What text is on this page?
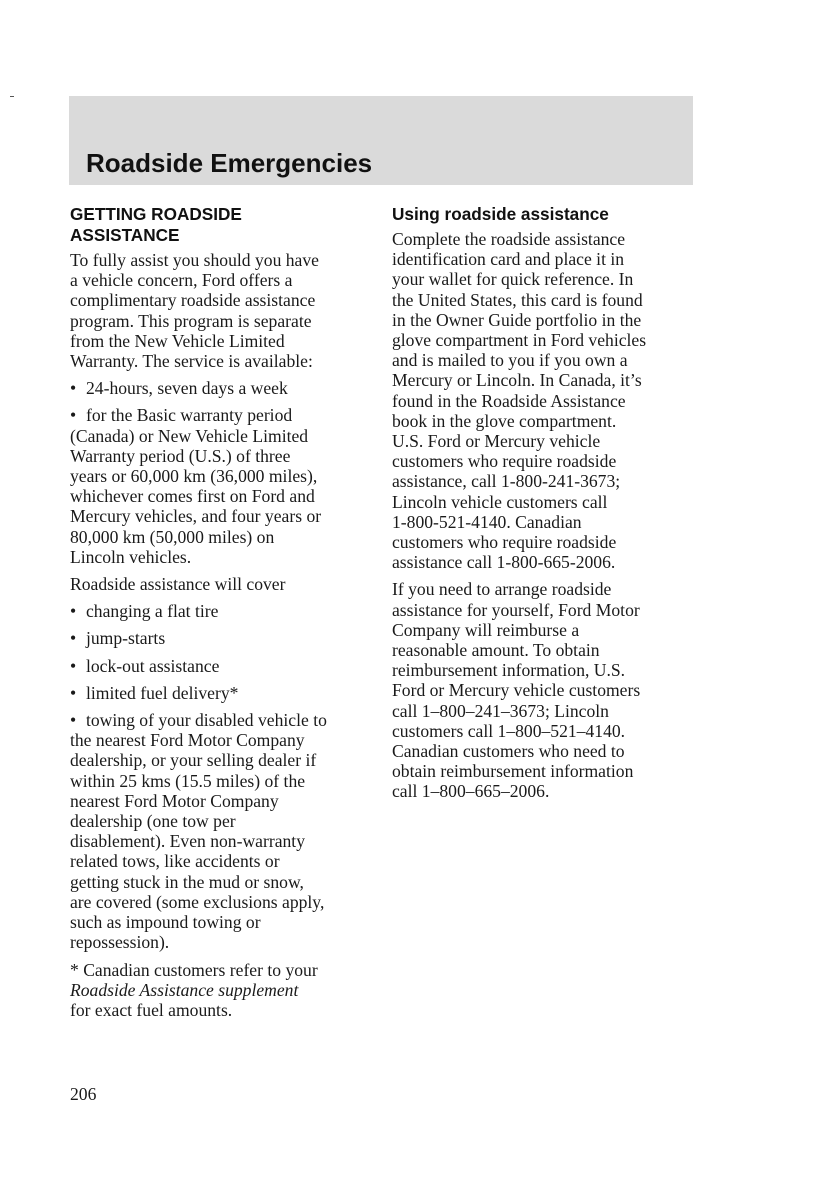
Roadside Emergencies
GETTING ROADSIDE
ASSISTANCE
To fully assist you should you have
a vehicle concern, Ford offers a
complimentary roadside assistance
program. This program is separate
from the New Vehicle Limited
Warranty. The service is available:
• 24-hours, seven days a week
• for the Basic warranty period
(Canada) or New Vehicle Limited
Warranty period (U.S.) of three
years or 60,000 km (36,000 miles),
whichever comes first on Ford and
Mercury vehicles, and four years or
80,000 km (50,000 miles) on
Lincoln vehicles.
Roadside assistance will cover
• changing a flat tire
• jump-starts
• lock-out assistance
• limited fuel delivery*
• towing of your disabled vehicle to
the nearest Ford Motor Company
dealership, or your selling dealer if
within 25 kms (15.5 miles) of the
nearest Ford Motor Company
dealership (one tow per
disablement). Even non-warranty
related tows, like accidents or
getting stuck in the mud or snow,
are covered (some exclusions apply,
such as impound towing or
repossession).

* Canadian customers refer to your
Roadside Assistance supplement
for exact fuel amounts.

Using roadside assistance
Complete the roadside assistance
identification card and place it in
your wallet for quick reference. In
the United States, this card is found
in the Owner Guide portfolio in the
glove compartment in Ford vehicles
and is mailed to you if you own a
Mercury or Lincoln. In Canada, it’s
found in the Roadside Assistance
book in the glove compartment.
U.S. Ford or Mercury vehicle
customers who require roadside
assistance, call 1-800-241-3673;
Lincoln vehicle customers call
1-800-521-4140. Canadian
customers who require roadside
assistance call 1-800-665-2006.
If you need to arrange roadside
assistance for yourself, Ford Motor
Company will reimburse a
reasonable amount. To obtain
reimbursement information, U.S.
Ford or Mercury vehicle customers
call 1–800–241–3673; Lincoln
customers call 1–800–521–4140.
Canadian customers who need to
obtain reimbursement information
call 1–800–665–2006.
206
